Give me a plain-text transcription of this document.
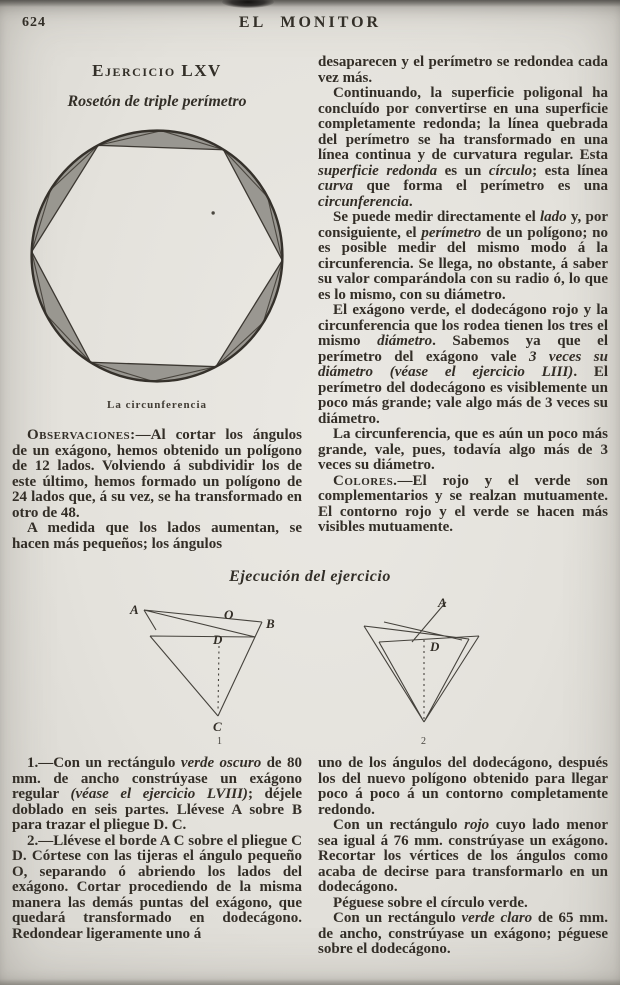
624	EL MONITOR
Ejercicio LXV
Rosetón de triple perímetro
La circunferencia

Observaciones:—Al cortar los ángulos de un exágono, hemos obtenido un polígono de 12 lados. Volviendo á subdividir los de este último, hemos formado un polígono de 24 lados que, á su vez, se ha transformado en otro de 48.

A medida que los lados aumentan, se hacen más pequeños; los ángulos

desaparecen y el perímetro se redondea cada vez más.

Continuando, la superficie poligonal ha concluído por convertirse en una superficie completamente redonda; la línea quebrada del perímetro se ha transformado en una línea continua y de curvatura regular. Esta superficie redonda es un círculo; esta línea curva que forma el perímetro es una circunferencia.

Se puede medir directamente el lado y, por consiguiente, el perímetro de un polígono; no es posible medir del mismo modo á la circunferencia. Se llega, no obstante, á saber su valor comparándola con su radio ó, lo que es lo mismo, con su diámetro.

El exágono verde, el dodecágono rojo y la circunferencia que los rodea tienen los tres el mismo diámetro. Sabemos ya que el perímetro del exágono vale 3 veces su diámetro (véase el ejercicio LIII). El perímetro del dodecágono es visiblemente un poco más grande; vale algo más de 3 veces su diámetro.

La circunferencia, que es aún un poco más grande, vale, pues, todavía algo más de 3 veces su diámetro.

Colores.—El rojo y el verde son complementarios y se realzan mutuamente. El contorno rojo y el verde se hacen más visibles mutuamente.

Ejecución del ejercicio
A	O
B
D
C
1
A
D
2

1.—Con un rectángulo verde oscuro de 80 mm. de ancho constrúyase un exágono regular (véase el ejercicio LVIII); déjele doblado en seis partes. Llévese A sobre B para trazar el pliegue D. C.

2.—Llévese el borde A C sobre el pliegue C D. Córtese con las tijeras el ángulo pequeño O, separando ó abriendo los lados del exágono. Cortar procediendo de la misma manera las demás puntas del exágono, que quedará transformado en dodecágono. Redondear ligeramente uno á

uno de los ángulos del dodecágono, después los del nuevo polígono obtenido para llegar poco á poco á un contorno completamente redondo.

Con un rectángulo rojo cuyo lado menor sea igual á 76 mm. constrúyase un exágono. Recortar los vértices de los ángulos como acaba de decirse para transformarlo en un dodecágono.

Péguese sobre el círculo verde.

Con un rectángulo verde claro de 65 mm. de ancho, constrúyase un exágono; péguese sobre el dodecágono.
